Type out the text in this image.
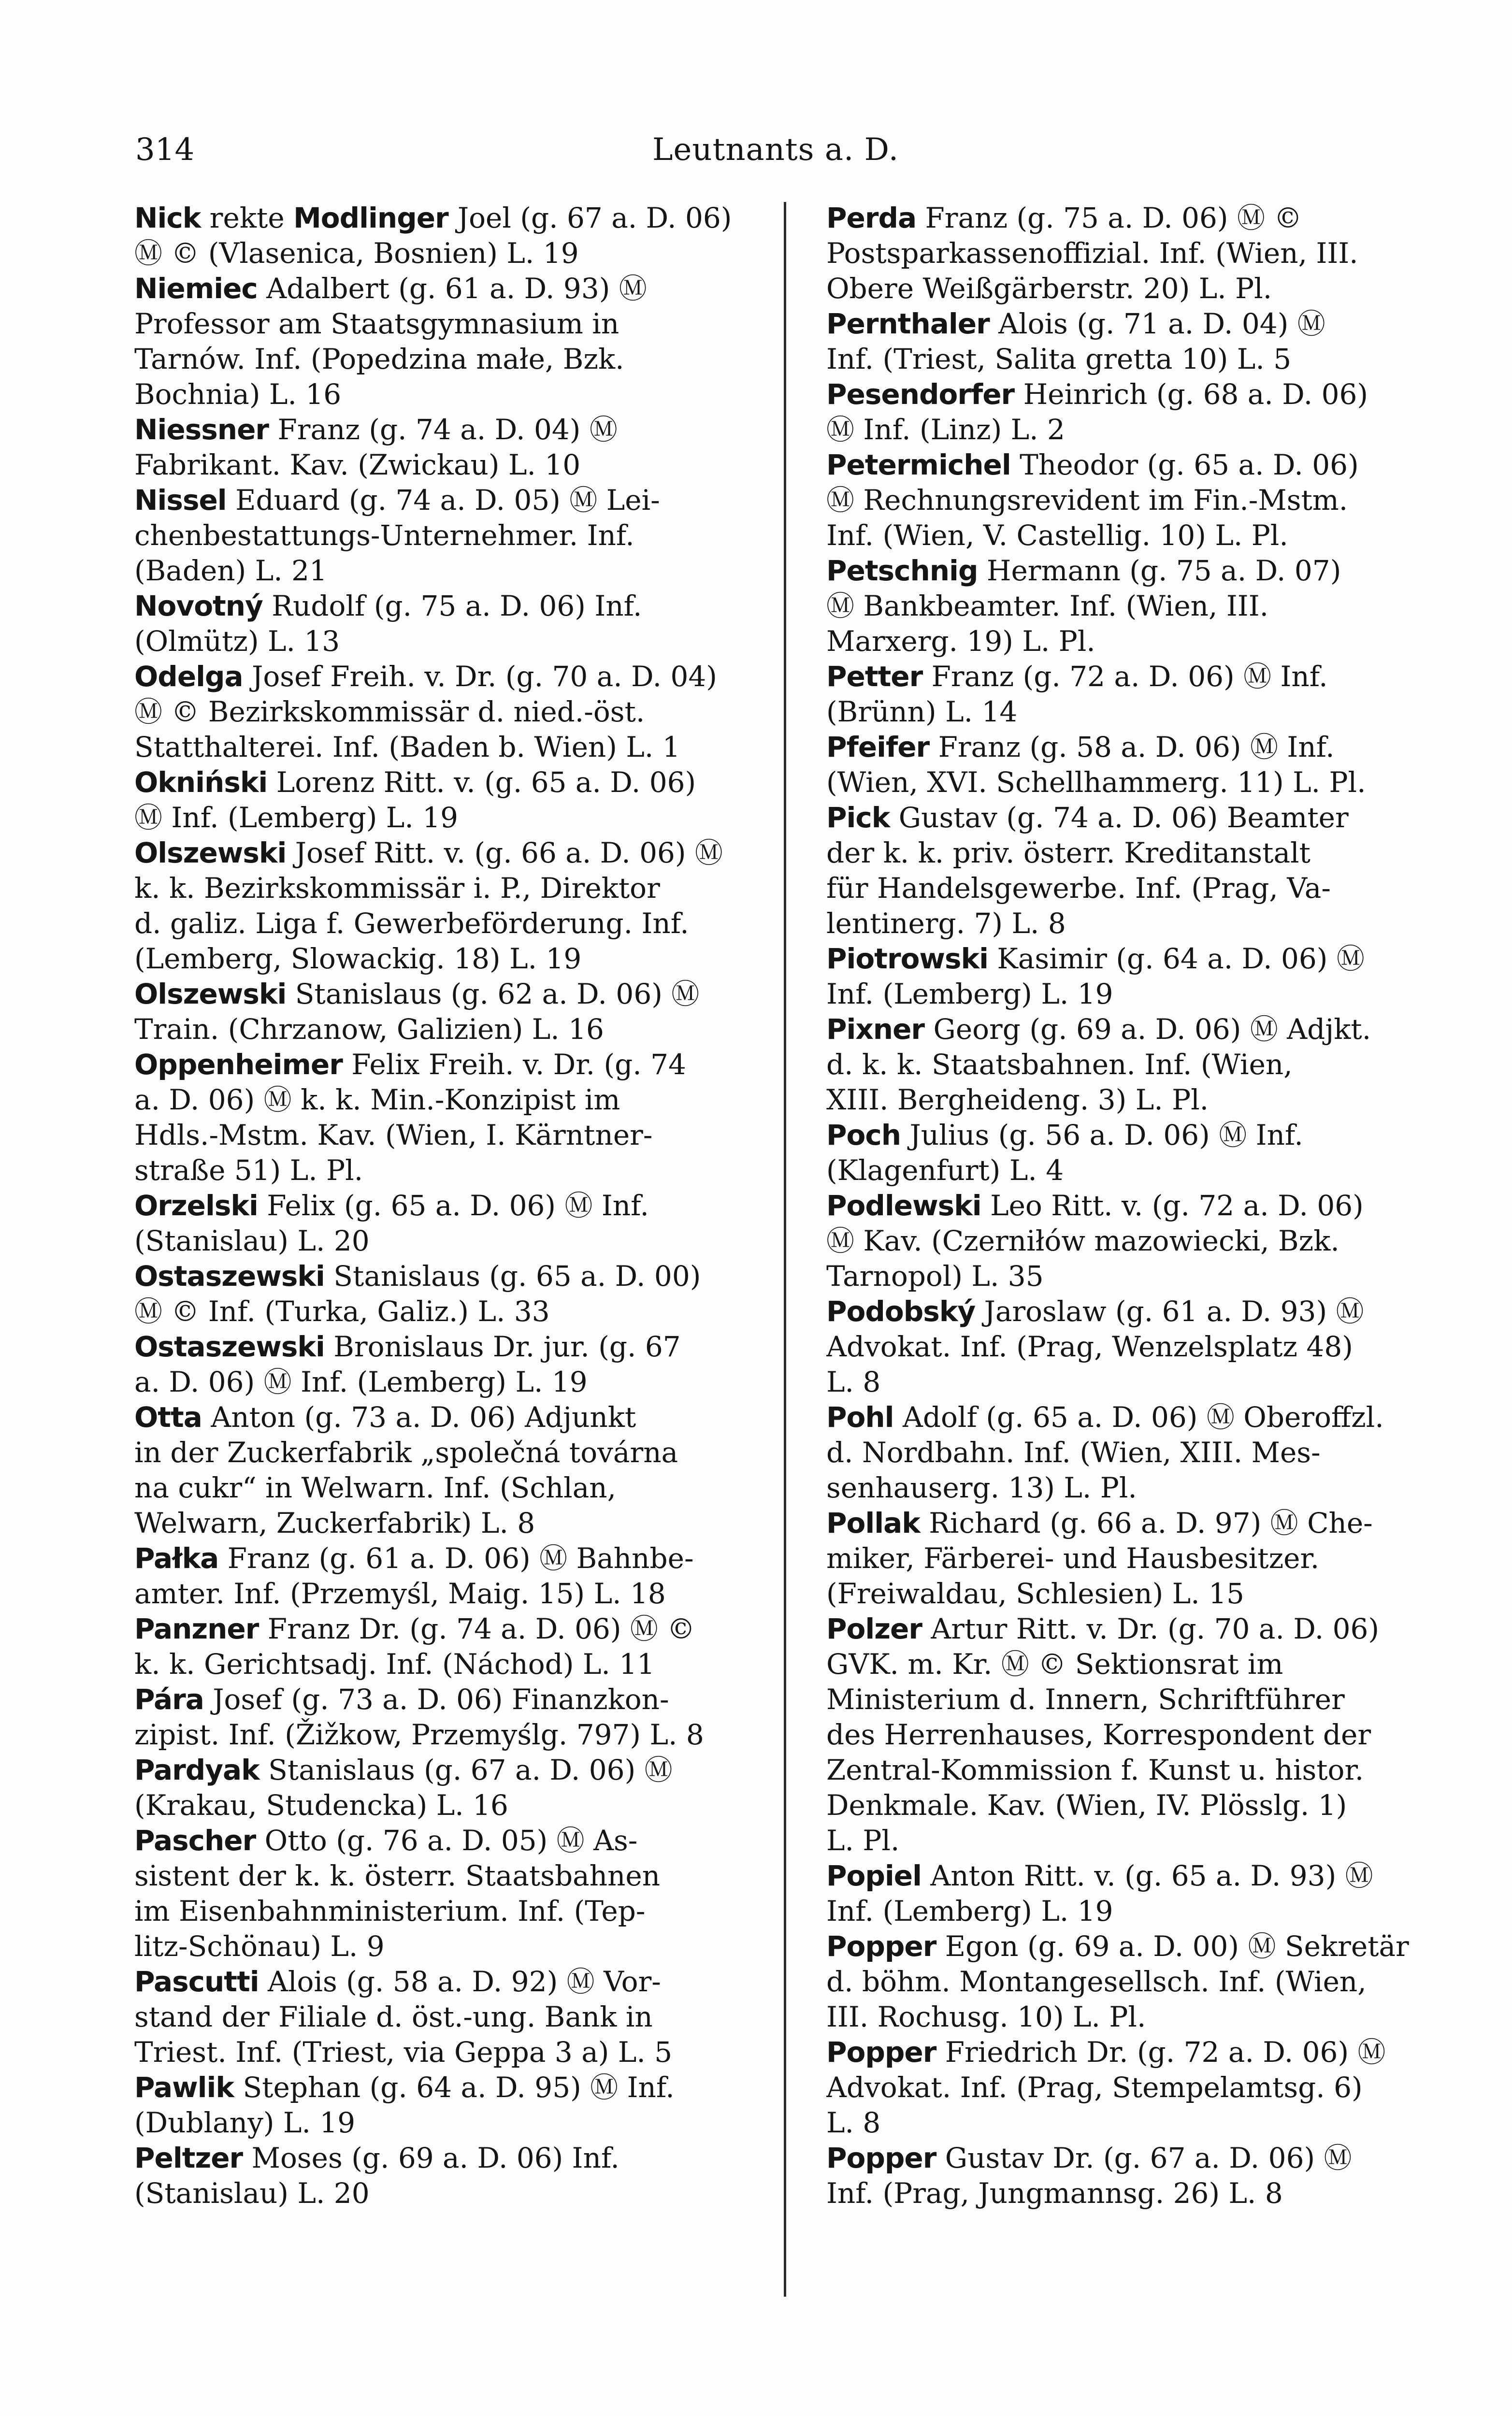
314	Leutnants a. D.
Nick rekte Modlinger Joel (g. 67 a. D. 06)
Ⓜ © (Vlasenica, Bosnien) L. 19
Niemiec Adalbert (g. 61 a. D. 93) Ⓜ
Professor am Staatsgymnasium in
Tarnów. Inf. (Popedzina małe, Bzk.
Bochnia) L. 16
Niessner Franz (g. 74 a. D. 04) Ⓜ
Fabrikant. Kav. (Zwickau) L. 10
Nissel Eduard (g. 74 a. D. 05) Ⓜ Lei-
chenbestattungs-Unternehmer. Inf.
(Baden) L. 21
Novotný Rudolf (g. 75 a. D. 06) Inf.
(Olmütz) L. 13
Odelga Josef Freih. v. Dr. (g. 70 a. D. 04)
Ⓜ © Bezirkskommissär d. nied.-öst.
Statthalterei. Inf. (Baden b. Wien) L. 1
Okniński Lorenz Ritt. v. (g. 65 a. D. 06)
Ⓜ Inf. (Lemberg) L. 19
Olszewski Josef Ritt. v. (g. 66 a. D. 06) Ⓜ
k. k. Bezirkskommissär i. P., Direktor
d. galiz. Liga f. Gewerbeförderung. Inf.
(Lemberg, Slowackig. 18) L. 19
Olszewski Stanislaus (g. 62 a. D. 06) Ⓜ
Train. (Chrzanow, Galizien) L. 16
Oppenheimer Felix Freih. v. Dr. (g. 74
a. D. 06) Ⓜ k. k. Min.-Konzipist im
Hdls.-Mstm. Kav. (Wien, I. Kärntner-
straße 51) L. Pl.
Orzelski Felix (g. 65 a. D. 06) Ⓜ Inf.
(Stanislau) L. 20
Ostaszewski Stanislaus (g. 65 a. D. 00)
Ⓜ © Inf. (Turka, Galiz.) L. 33
Ostaszewski Bronislaus Dr. jur. (g. 67
a. D. 06) Ⓜ Inf. (Lemberg) L. 19
Otta Anton (g. 73 a. D. 06) Adjunkt
in der Zuckerfabrik „společná továrna
na cukr“ in Welwarn. Inf. (Schlan,
Welwarn, Zuckerfabrik) L. 8
Pałka Franz (g. 61 a. D. 06) Ⓜ Bahnbe-
amter. Inf. (Przemyśl, Maig. 15) L. 18
Panzner Franz Dr. (g. 74 a. D. 06) Ⓜ ©
k. k. Gerichtsadj. Inf. (Náchod) L. 11
Pára Josef (g. 73 a. D. 06) Finanzkon-
zipist. Inf. (Žižkow, Przemyślg. 797) L. 8
Pardyak Stanislaus (g. 67 a. D. 06) Ⓜ
(Krakau, Studencka) L. 16
Pascher Otto (g. 76 a. D. 05) Ⓜ As-
sistent der k. k. österr. Staatsbahnen
im Eisenbahnministerium. Inf. (Tep-
litz-Schönau) L. 9
Pascutti Alois (g. 58 a. D. 92) Ⓜ Vor-
stand der Filiale d. öst.-ung. Bank in
Triest. Inf. (Triest, via Geppa 3 a) L. 5
Pawlik Stephan (g. 64 a. D. 95) Ⓜ Inf.
(Dublany) L. 19
Peltzer Moses (g. 69 a. D. 06) Inf.
(Stanislau) L. 20
Perda Franz (g. 75 a. D. 06) Ⓜ ©
Postsparkassenoffizial. Inf. (Wien, III.
Obere Weißgärberstr. 20) L. Pl.
Pernthaler Alois (g. 71 a. D. 04) Ⓜ
Inf. (Triest, Salita gretta 10) L. 5
Pesendorfer Heinrich (g. 68 a. D. 06)
Ⓜ Inf. (Linz) L. 2
Petermichel Theodor (g. 65 a. D. 06)
Ⓜ Rechnungsrevident im Fin.-Mstm.
Inf. (Wien, V. Castellig. 10) L. Pl.
Petschnig Hermann (g. 75 a. D. 07)
Ⓜ Bankbeamter. Inf. (Wien, III.
Marxerg. 19) L. Pl.
Petter Franz (g. 72 a. D. 06) Ⓜ Inf.
(Brünn) L. 14
Pfeifer Franz (g. 58 a. D. 06) Ⓜ Inf.
(Wien, XVI. Schellhammerg. 11) L. Pl.
Pick Gustav (g. 74 a. D. 06) Beamter
der k. k. priv. österr. Kreditanstalt
für Handelsgewerbe. Inf. (Prag, Va-
lentinerg. 7) L. 8
Piotrowski Kasimir (g. 64 a. D. 06) Ⓜ
Inf. (Lemberg) L. 19
Pixner Georg (g. 69 a. D. 06) Ⓜ Adjkt.
d. k. k. Staatsbahnen. Inf. (Wien,
XIII. Bergheideng. 3) L. Pl.
Poch Julius (g. 56 a. D. 06) Ⓜ Inf.
(Klagenfurt) L. 4
Podlewski Leo Ritt. v. (g. 72 a. D. 06)
Ⓜ Kav. (Czerniłów mazowiecki, Bzk.
Tarnopol) L. 35
Podobský Jaroslaw (g. 61 a. D. 93) Ⓜ
Advokat. Inf. (Prag, Wenzelsplatz 48)
L. 8
Pohl Adolf (g. 65 a. D. 06) Ⓜ Oberoffzl.
d. Nordbahn. Inf. (Wien, XIII. Mes-
senhauserg. 13) L. Pl.
Pollak Richard (g. 66 a. D. 97) Ⓜ Che-
miker, Färberei- und Hausbesitzer.
(Freiwaldau, Schlesien) L. 15
Polzer Artur Ritt. v. Dr. (g. 70 a. D. 06)
GVK. m. Kr. Ⓜ © Sektionsrat im
Ministerium d. Innern, Schriftführer
des Herrenhauses, Korrespondent der
Zentral-Kommission f. Kunst u. histor.
Denkmale. Kav. (Wien, IV. Plösslg. 1)
L. Pl.
Popiel Anton Ritt. v. (g. 65 a. D. 93) Ⓜ
Inf. (Lemberg) L. 19
Popper Egon (g. 69 a. D. 00) Ⓜ Sekretär
d. böhm. Montangesellsch. Inf. (Wien,
III. Rochusg. 10) L. Pl.
Popper Friedrich Dr. (g. 72 a. D. 06) Ⓜ
Advokat. Inf. (Prag, Stempelamtsg. 6)
L. 8
Popper Gustav Dr. (g. 67 a. D. 06) Ⓜ
Inf. (Prag, Jungmannsg. 26) L. 8
